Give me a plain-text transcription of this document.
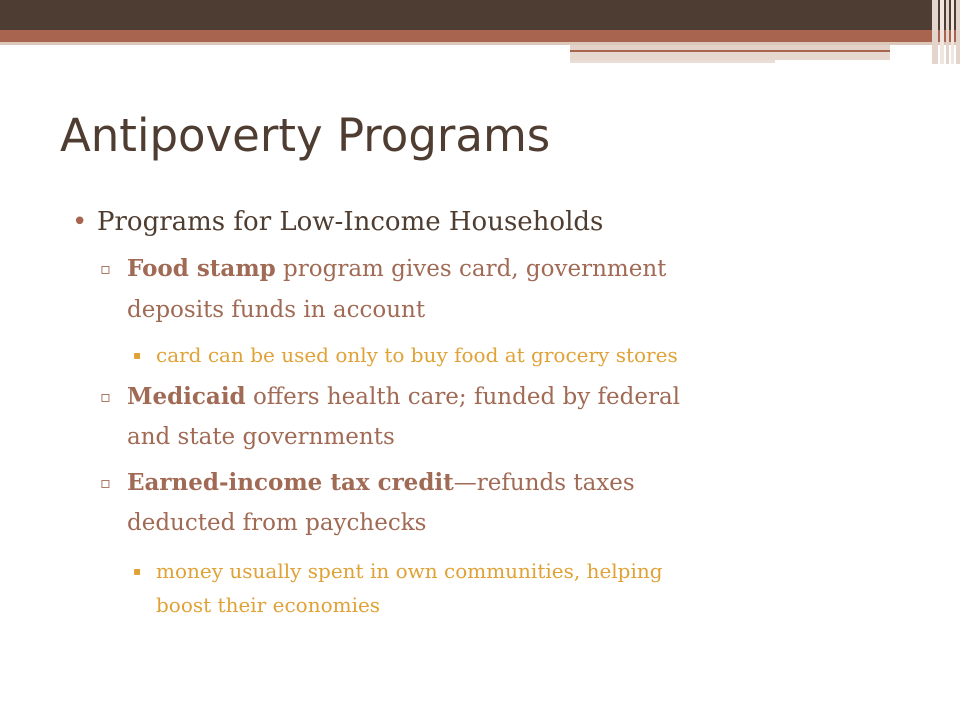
Antipoverty Programs
• Programs for Low-Income Households

▫ Food stamp program gives card, government

deposits funds in account

▪ card can be used only to buy food at grocery stores

▫ Medicaid offers health care; funded by federal

and state governments

▫ Earned-income tax credit—refunds taxes

deducted from paychecks

▪ money usually spent in own communities, helping

boost their economies
